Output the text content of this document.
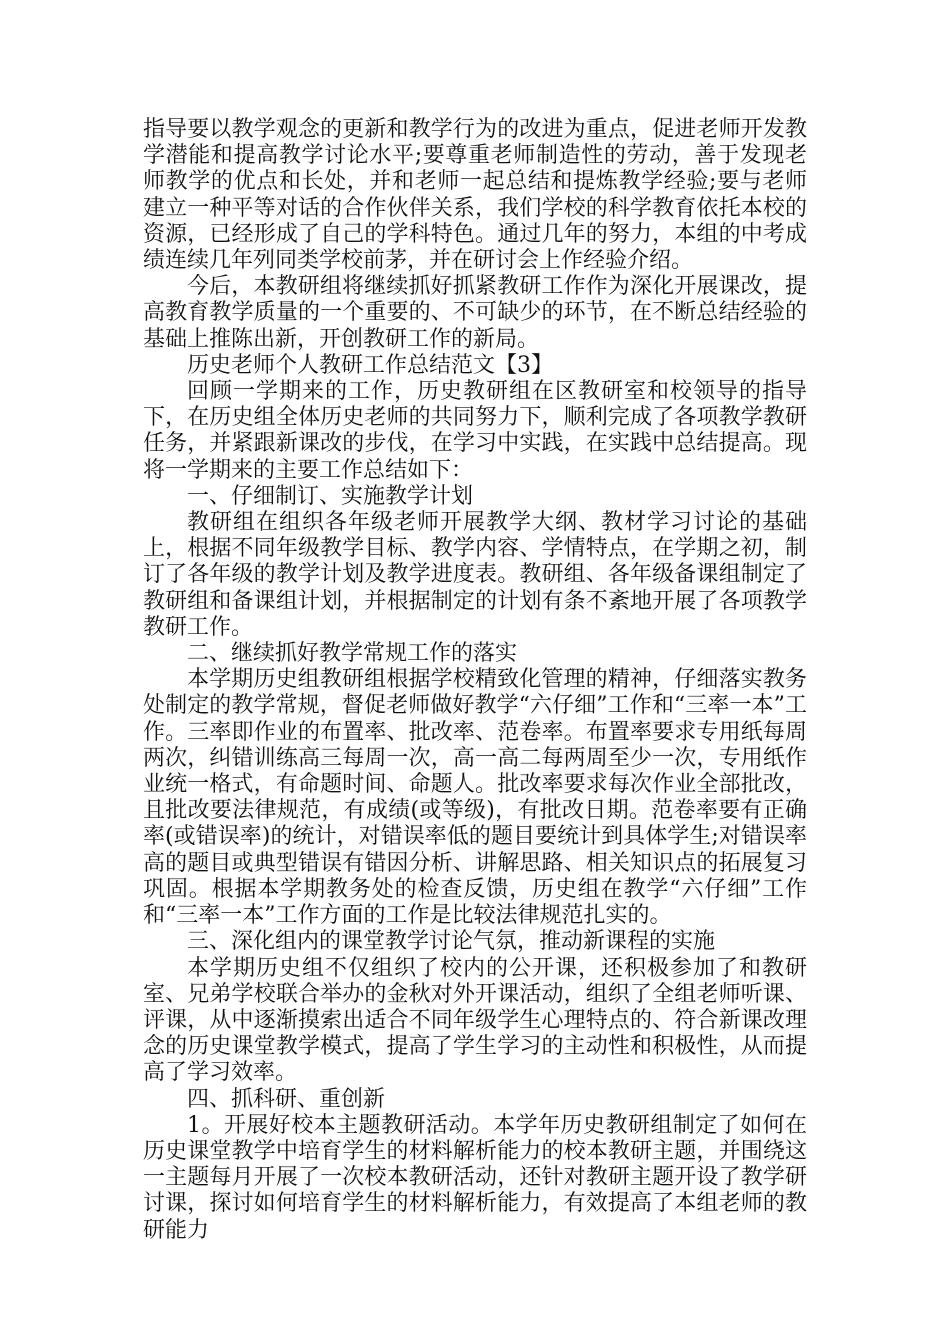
指导要以教学观念的更新和教学行为的改进为重点，促进老师开发教学潜能和提高教学讨论水平;要尊重老师制造性的劳动，善于发现老师教学的优点和长处，并和老师一起总结和提炼教学经验;要与老师建立一种平等对话的合作伙伴关系，我们学校的科学教育依托本校的资源，已经形成了自己的学科特色。通过几年的努力，本组的中考成绩连续几年列同类学校前茅，并在研讨会上作经验介绍。

今后，本教研组将继续抓好抓紧教研工作作为深化开展课改，提高教育教学质量的一个重要的、不可缺少的环节，在不断总结经验的基础上推陈出新，开创教研工作的新局。

历史老师个人教研工作总结范文【3】

回顾一学期来的工作，历史教研组在区教研室和校领导的指导下，在历史组全体历史老师的共同努力下，顺利完成了各项教学教研任务，并紧跟新课改的步伐，在学习中实践，在实践中总结提高。现将一学期来的主要工作总结如下：

一、仔细制订、实施教学计划

教研组在组织各年级老师开展教学大纲、教材学习讨论的基础上，根据不同年级教学目标、教学内容、学情特点，在学期之初，制订了各年级的教学计划及教学进度表。教研组、各年级备课组制定了教研组和备课组计划，并根据制定的计划有条不紊地开展了各项教学教研工作。

二、继续抓好教学常规工作的落实

本学期历史组教研组根据学校精致化管理的精神，仔细落实教务处制定的教学常规，督促老师做好教学“六仔细”工作和“三率一本”工作。三率即作业的布置率、批改率、范卷率。布置率要求专用纸每周两次，纠错训练高三每周一次，高一高二每两周至少一次，专用纸作业统一格式，有命题时间、命题人。批改率要求每次作业全部批改，且批改要法律规范，有成绩(或等级)，有批改日期。范卷率要有正确率(或错误率)的统计，对错误率低的题目要统计到具体学生;对错误率高的题目或典型错误有错因分析、讲解思路、相关知识点的拓展复习巩固。根据本学期教务处的检查反馈，历史组在教学“六仔细”工作和“三率一本”工作方面的工作是比较法律规范扎实的。

三、深化组内的课堂教学讨论气氛，推动新课程的实施

本学期历史组不仅组织了校内的公开课，还积极参加了和教研室、兄弟学校联合举办的金秋对外开课活动，组织了全组老师听课、评课，从中逐渐摸索出适合不同年级学生心理特点的、符合新课改理念的历史课堂教学模式，提高了学生学习的主动性和积极性，从而提高了学习效率。

四、抓科研、重创新

1。开展好校本主题教研活动。本学年历史教研组制定了如何在历史课堂教学中培育学生的材料解析能力的校本教研主题，并围绕这一主题每月开展了一次校本教研活动，还针对教研主题开设了教学研讨课，探讨如何培育学生的材料解析能力，有效提高了本组老师的教研能力
